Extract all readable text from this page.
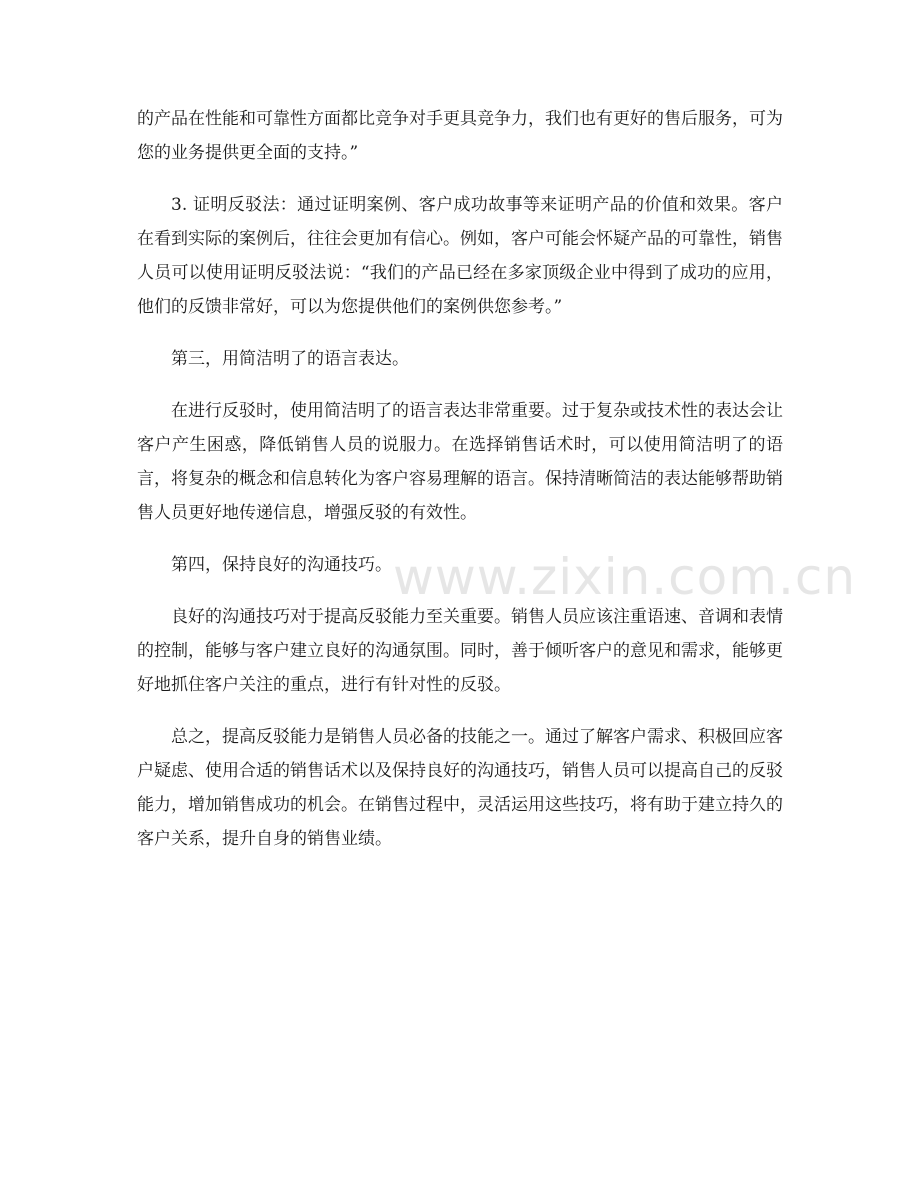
的产品在性能和可靠性方面都比竞争对手更具竞争力，我们也有更好的售后服务，可为您的业务提供更全面的支持。”

3. 证明反驳法：通过证明案例、客户成功故事等来证明产品的价值和效果。客户在看到实际的案例后，往往会更加有信心。例如，客户可能会怀疑产品的可靠性，销售人员可以使用证明反驳法说：“我们的产品已经在多家顶级企业中得到了成功的应用，他们的反馈非常好，可以为您提供他们的案例供您参考。”

第三，用简洁明了的语言表达。

在进行反驳时，使用简洁明了的语言表达非常重要。过于复杂或技术性的表达会让客户产生困惑，降低销售人员的说服力。在选择销售话术时，可以使用简洁明了的语言，将复杂的概念和信息转化为客户容易理解的语言。保持清晰简洁的表达能够帮助销售人员更好地传递信息，增强反驳的有效性。

第四，保持良好的沟通技巧。

良好的沟通技巧对于提高反驳能力至关重要。销售人员应该注重语速、音调和表情的控制，能够与客户建立良好的沟通氛围。同时，善于倾听客户的意见和需求，能够更好地抓住客户关注的重点，进行有针对性的反驳。

总之，提高反驳能力是销售人员必备的技能之一。通过了解客户需求、积极回应客户疑虑、使用合适的销售话术以及保持良好的沟通技巧，销售人员可以提高自己的反驳能力，增加销售成功的机会。在销售过程中，灵活运用这些技巧，将有助于建立持久的客户关系，提升自身的销售业绩。

www.zixin.com.cn
